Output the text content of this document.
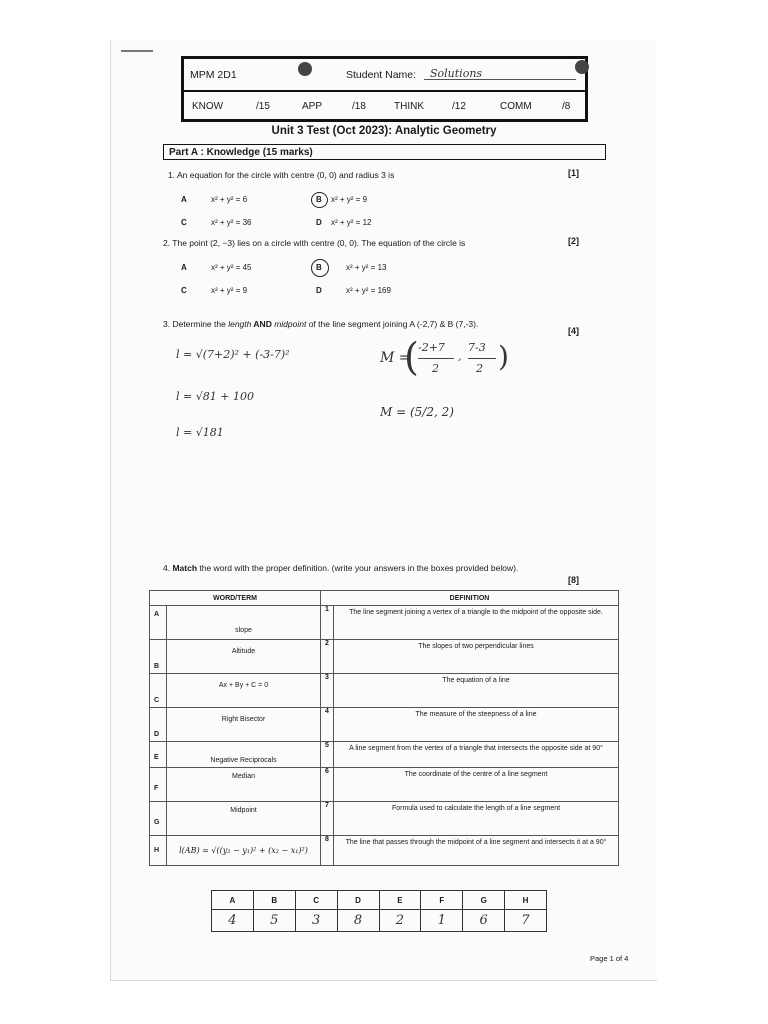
MPM 2D1	Student Name: Solutions
KNOW	/15	APP	/18	THINK	/12	COMM	/8
Unit 3 Test (Oct 2023): Analytic Geometry
Part A : Knowledge (15 marks)
1. An equation for the circle with centre (0, 0) and radius 3 is	[1]
A	x² + y² = 6	B x² + y² = 9
C	x² + y² = 36	D x² + y² = 12
2. The point (2, −3) lies on a circle with centre (0, 0). The equation of the circle is	[2]
A	x² + y² = 45	B	x² + y² = 13
C	x² + y² = 9	D	x² + y² = 169
3. Determine the length AND midpoint of the line segment joining A (-2,7) & B (7,-3).
[4]
l = √(7+2)² + (-3-7)²
l = √81 + 100
l = √181
M =
( -2+7
2
,
7-3
2 )
M = (5/2, 2)
4. Match the word with the proper definition. (write your answers in the boxes provided below).
[8]
WORD/TERM		DEFINITION	

A	slope	1	The line segment joining a vertex of a triangle to the midpoint of the opposite side.

B	Altitude	2	The slopes of two perpendicular lines

C	Ax + By + C = 0	3	The equation of a line

D	Right Bisector	4	The measure of the steepness of a line

E	Negative Reciprocals	5	A line segment from the vertex of a triangle that intersects the opposite side at 90°

F	Median	6	The coordinate of the centre of a line segment

G	Midpoint	7	Formula used to calculate the length of a line segment

H	l(AB) = √((y₂ − y₁)² + (x₂ − x₁)²)	8	The line that passes through the midpoint of a line segment and intersects it at a 90°
A	B	C	D	E	F	G	H
4	5	3	8	2	1	6	7
Page 1 of 4
